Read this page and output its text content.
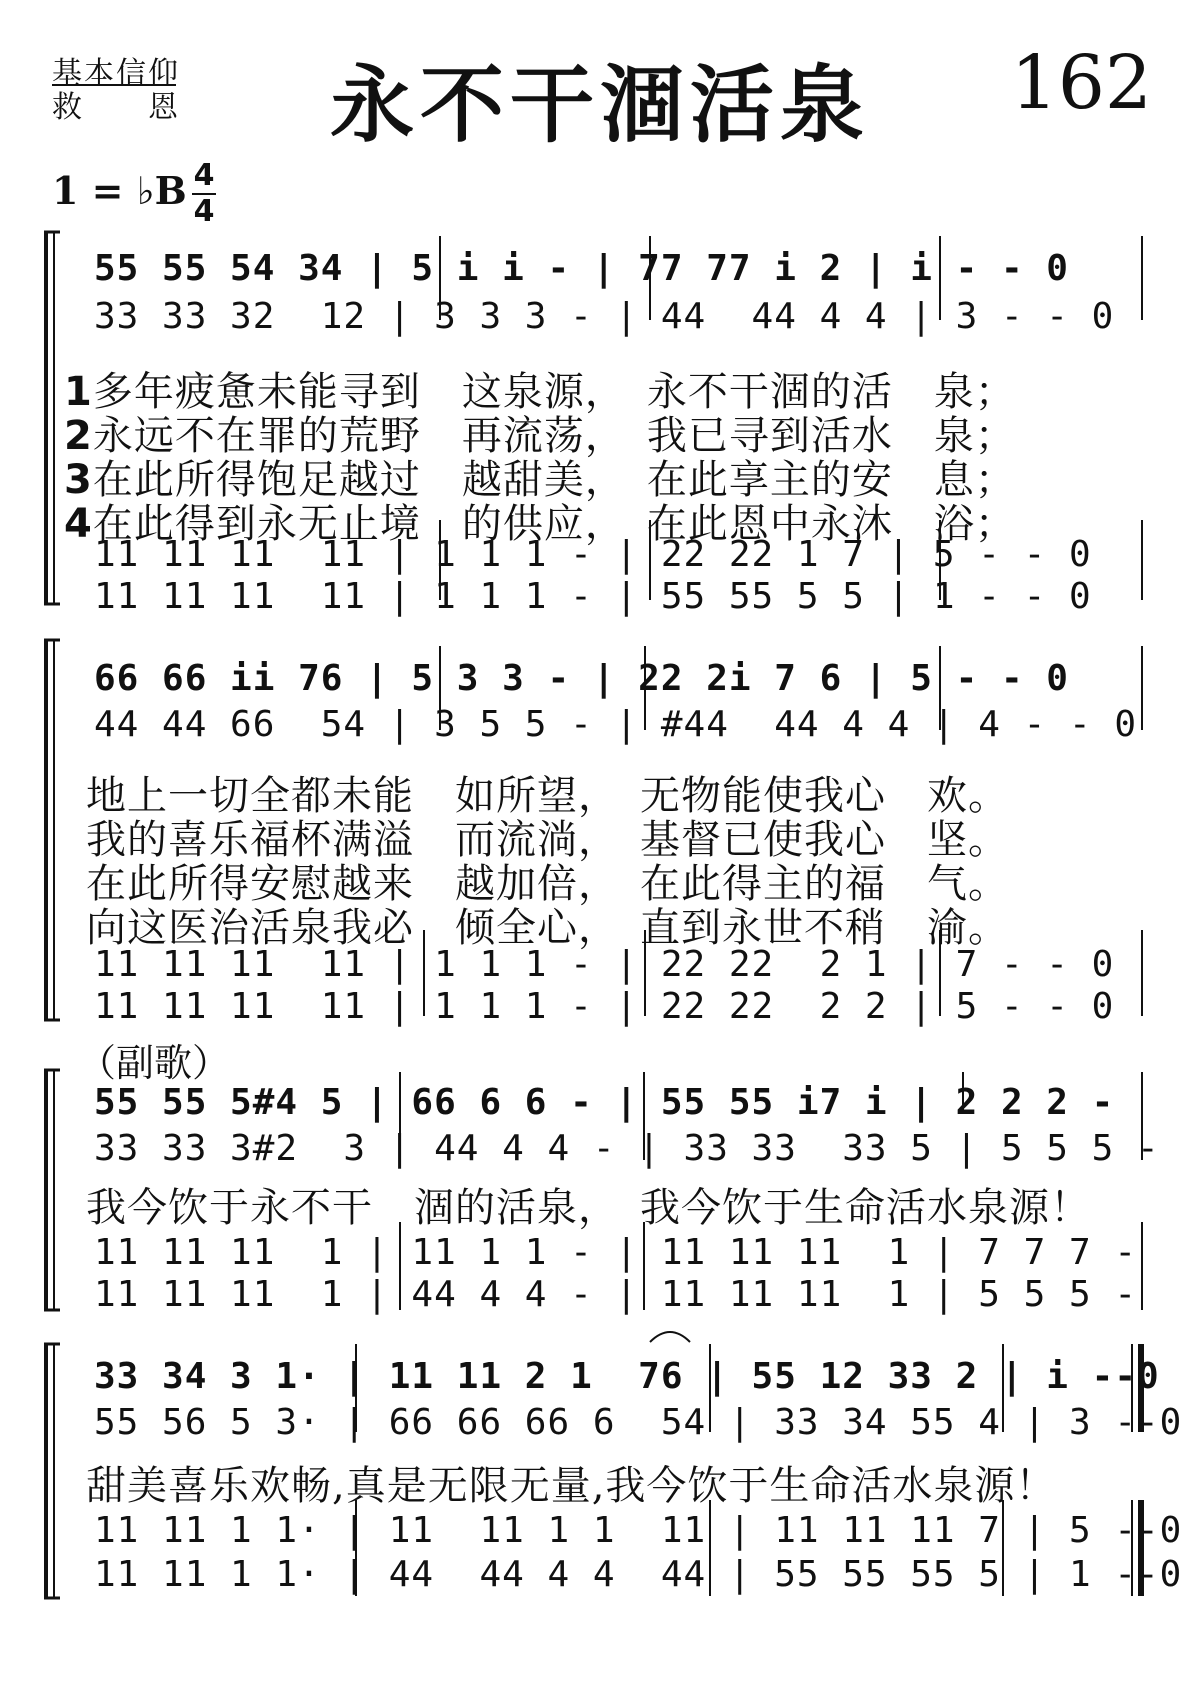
基本信仰
救　　恩	永不干涸活泉	162
1 = ♭B 4
4
55 55 54 34 | 5 i i - | 77 77 i 2 | i - - 0
33 33 32  12 | 3 3 3 - | 44  44 4 4 | 3 - - 0
1多年疲惫未能寻到　这泉源，　永不干涸的活　泉；
2永远不在罪的荒野　再流荡，　我已寻到活水　泉；
3在此所得饱足越过　越甜美，　在此享主的安　息；
4在此得到永无止境　的供应，　在此恩中永沐　浴；
11 11 11  11 | 1 1 1 - | 22 22 1 7 | 5 - - 0
11 11 11  11 | 1 1 1 - | 55 55 5 5 | 1 - - 0
66 66 ii 76 | 5 3 3 - | 22 2i 7 6 | 5 - - 0
44 44 66  54 | 3 5 5 - | #44  44 4 4 | 4 - - 0
地上一切全都未能　如所望，　无物能使我心　欢。
我的喜乐福杯满溢　而流淌，　基督已使我心　坚。
在此所得安慰越来　越加倍，　在此得主的福　气。
向这医治活泉我必　倾全心，　直到永世不稍　渝。
11 11 11  11 | 1 1 1 - | 22 22  2 1 | 7 - - 0
11 11 11  11 | 1 1 1 - | 22 22  2 2 | 5 - - 0
（副歌）
55 55 5#4 5 | 66 6 6 - | 55 55 i7 i | 2 2 2 -
33 33 3#2  3 | 44 4 4 - | 33 33  33 5 | 5 5 5 -
我今饮于永不干　涸的活泉，　我今饮于生命活水泉源！
11 11 11  1 | 11 1 1 - | 11 11 11  1 | 7 7 7 -
11 11 11  1 | 44 4 4 - | 11 11 11  1 | 5 5 5 -
33 34 3 1· | 11 11 2 1  76 | 55 12 33 2 | i --0
55 56 5 3· | 66 66 66 6  54 | 33 34 55 4 | 3 --0
甜美喜乐欢畅,真是无限无量,我今饮于生命活水泉源！
11 11 1 1· | 11  11 1 1  11 | 11 11 11 7 | 5 --0
11 11 1 1· | 44  44 4 4  44 | 55 55 55 5 | 1 --0
